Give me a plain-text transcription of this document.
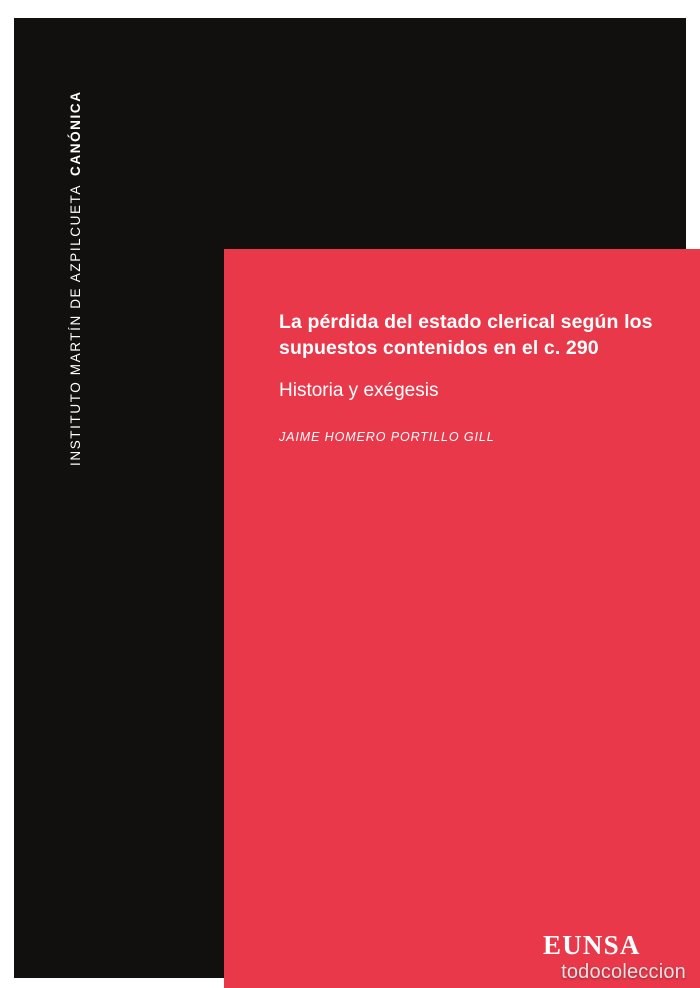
INSTITUTO MARTÍN DE AZPILCUETA
CANÓNICA
La pérdida del estado clerical según los supuestos contenidos en el c. 290

Historia y exégesis

JAIME HOMERO PORTILLO GILL

EUNSA
todocoleccion
